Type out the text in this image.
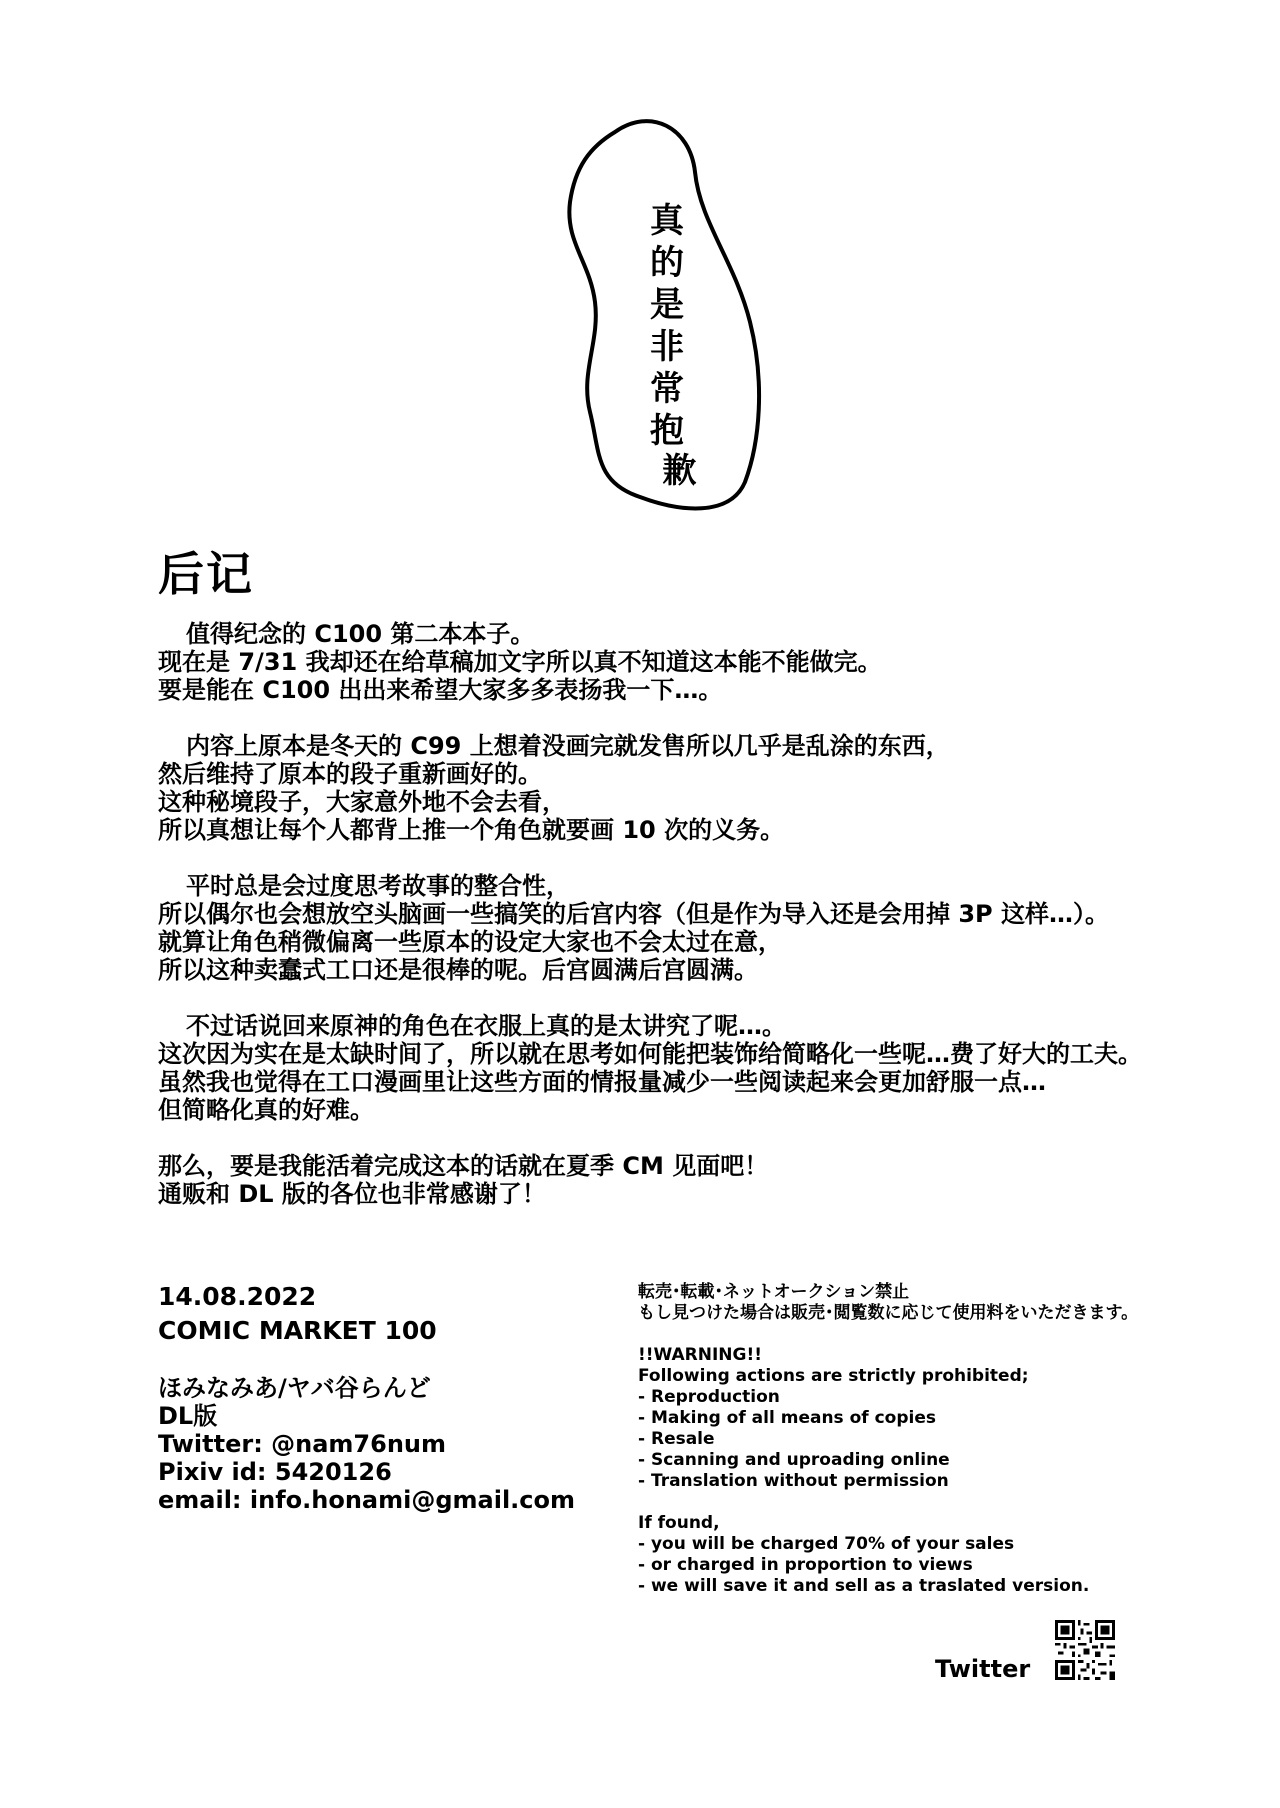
真
的
是
非
常
抱
歉
后记

值得纪念的 C100 第二本本子。

现在是 7/31 我却还在给草稿加文字所以真不知道这本能不能做完。

要是能在 C100 出出来希望大家多多表扬我一下…。

内容上原本是冬天的 C99 上想着没画完就发售所以几乎是乱涂的东西，

然后维持了原本的段子重新画好的。

这种秘境段子，大家意外地不会去看，

所以真想让每个人都背上推一个角色就要画 10 次的义务。

平时总是会过度思考故事的整合性，

所以偶尔也会想放空头脑画一些搞笑的后宫内容（但是作为导入还是会用掉 3P 这样…）。

就算让角色稍微偏离一些原本的设定大家也不会太过在意，

所以这种卖蠢式工口还是很棒的呢。后宫圆满后宫圆满。

不过话说回来原神的角色在衣服上真的是太讲究了呢…。

这次因为实在是太缺时间了，所以就在思考如何能把装饰给简略化一些呢…费了好大的工夫。

虽然我也觉得在工口漫画里让这些方面的情报量减少一些阅读起来会更加舒服一点…

但简略化真的好难。

那么，要是我能活着完成这本的话就在夏季 CM 见面吧！

通贩和 DL 版的各位也非常感谢了！

14.08.2022
COMIC MARKET 100
ほみなみあ/ヤバ谷らんど
DL版
Twitter: @nam76num
Pixiv id: 5420126
email: info.honami@gmail.com

転売･転載･ネットオークション禁止

もし見つけた場合は販売･閲覧数に応じて使用料をいただきます。

!!WARNING!!

Following actions are strictly prohibited;

- Reproduction

- Making of all means of copies

- Resale

- Scanning and uproading online

- Translation without permission

If found,

- you will be charged 70% of your sales

- or charged in proportion to views

- we will save it and sell as a traslated version.

Twitter
